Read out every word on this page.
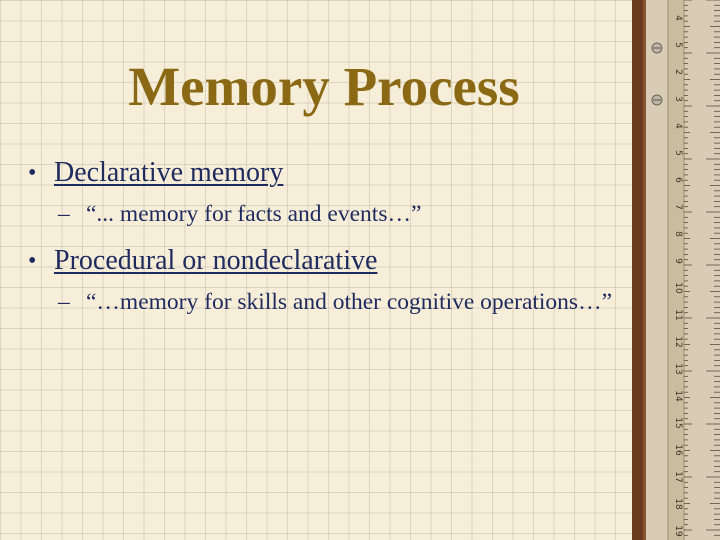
Memory Process

• Declarative memory

– “... memory for facts and events…”

• Procedural or nondeclarative

– “…memory for skills and other cognitive operations…”

4
5
2
3
4
5
6
7
8
9
10
11
12
13
14
15
16
17
18
19
